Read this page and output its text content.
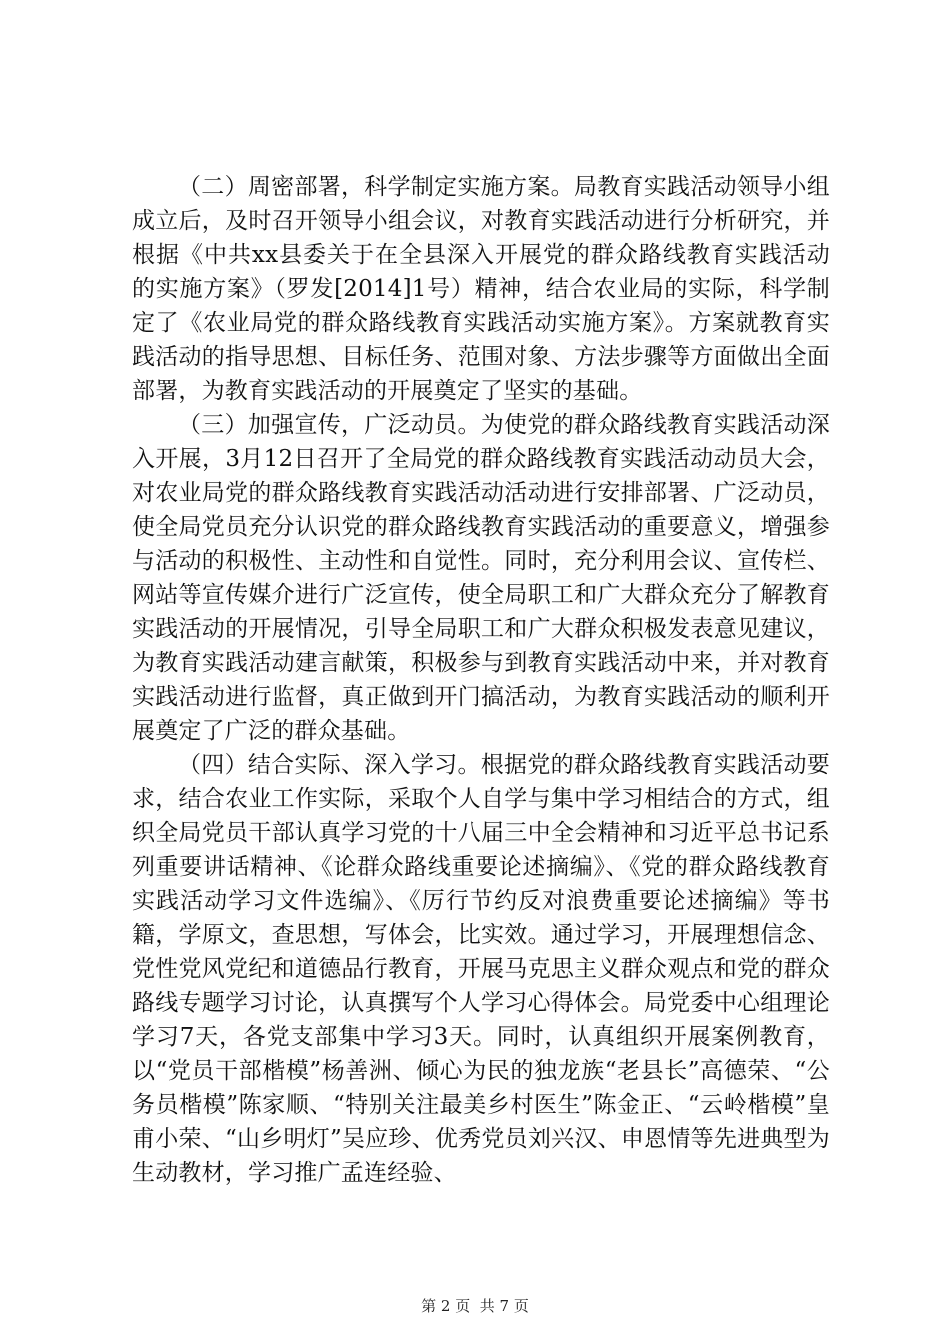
（二）周密部署，科学制定实施方案。局教育实践活动领导小组成立后，及时召开领导小组会议，对教育实践活动进行分析研究，并根据《中共xx县委关于在全县深入开展党的群众路线教育实践活动的实施方案》（罗发[2014]1号）精神，结合农业局的实际，科学制定了《农业局党的群众路线教育实践活动实施方案》。方案就教育实践活动的指导思想、目标任务、范围对象、方法步骤等方面做出全面部署，为教育实践活动的开展奠定了坚实的基础。

（三）加强宣传，广泛动员。为使党的群众路线教育实践活动深入开展，3月12日召开了全局党的群众路线教育实践活动动员大会，对农业局党的群众路线教育实践活动活动进行安排部署、广泛动员，使全局党员充分认识党的群众路线教育实践活动的重要意义，增强参与活动的积极性、主动性和自觉性。同时，充分利用会议、宣传栏、网站等宣传媒介进行广泛宣传，使全局职工和广大群众充分了解教育实践活动的开展情况，引导全局职工和广大群众积极发表意见建议，为教育实践活动建言献策，积极参与到教育实践活动中来，并对教育实践活动进行监督，真正做到开门搞活动，为教育实践活动的顺利开展奠定了广泛的群众基础。

（四）结合实际、深入学习。根据党的群众路线教育实践活动要求，结合农业工作实际，采取个人自学与集中学习相结合的方式，组织全局党员干部认真学习党的十八届三中全会精神和习近平总书记系列重要讲话精神、《论群众路线重要论述摘编》、《党的群众路线教育实践活动学习文件选编》、《厉行节约反对浪费重要论述摘编》等书籍，学原文，查思想，写体会，比实效。通过学习，开展理想信念、党性党风党纪和道德品行教育，开展马克思主义群众观点和党的群众路线专题学习讨论，认真撰写个人学习心得体会。局党委中心组理论学习7天，各党支部集中学习3天。同时，认真组织开展案例教育，以“党员干部楷模”杨善洲、倾心为民的独龙族“老县长”高德荣、“公务员楷模”陈家顺、“特别关注最美乡村医生”陈金正、“云岭楷模”皇甫小荣、“山乡明灯”吴应珍、优秀党员刘兴汉、申恩情等先进典型为生动教材，学习推广孟连经验、

第 2 页  共 7 页
